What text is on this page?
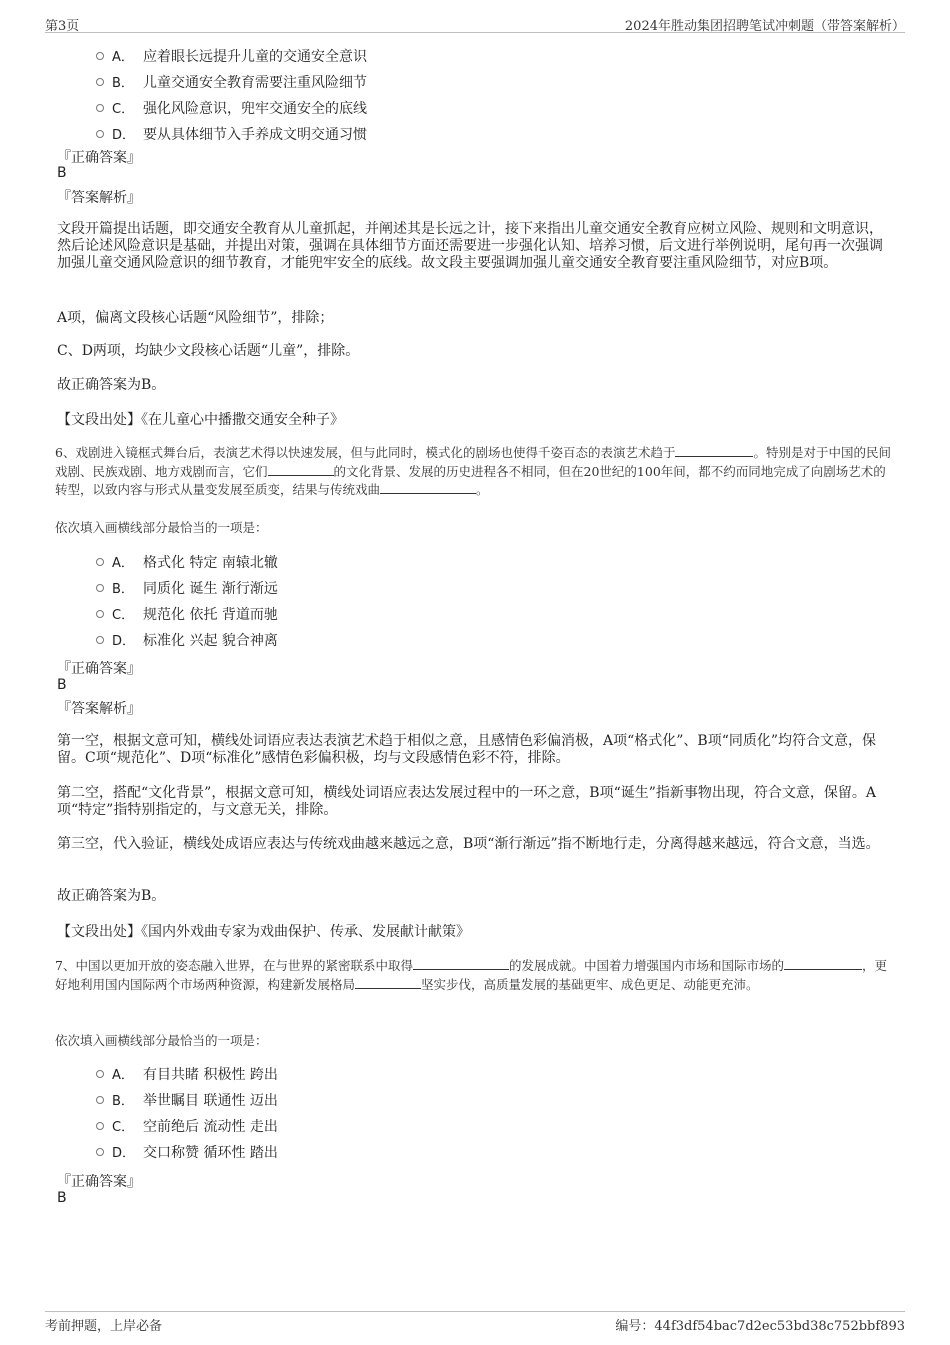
第3页	2024年胜动集团招聘笔试冲刺题（带答案解析）
A． 应着眼长远提升儿童的交通安全意识
B． 儿童交通安全教育需要注重风险细节
C． 强化风险意识，兜牢交通安全的底线
D． 要从具体细节入手养成文明交通习惯
『正确答案』
B
『答案解析』

文段开篇提出话题，即交通安全教育从儿童抓起，并阐述其是长远之计，接下来指出儿童交通安全教育应树立风险、规则和文明意识，然后论述风险意识是基础，并提出对策，强调在具体细节方面还需要进一步强化认知、培养习惯，后文进行举例说明，尾句再一次强调加强儿童交通风险意识的细节教育，才能兜牢安全的底线。故文段主要强调加强儿童交通安全教育要注重风险细节，对应B项。

A项，偏离文段核心话题“风险细节”，排除；

C、D两项，均缺少文段核心话题“儿童”，排除。

故正确答案为B。

【文段出处】《在儿童心中播撒交通安全种子》

6、戏剧进入镜框式舞台后，表演艺术得以快速发展，但与此同时，模式化的剧场也使得千姿百态的表演艺术趋于	。特别是对于中国的民间戏剧、民族戏剧、地方戏剧而言，它们	的文化背景、发展的历史进程各不相同，但在20世纪的100年间，都不约而同地完成了向剧场艺术的转型，以致内容与形式从量变发展至质变，结果与传统戏曲	。

依次填入画横线部分最恰当的一项是：
A． 格式化 特定 南辕北辙
B． 同质化 诞生 渐行渐远
C． 规范化 依托 背道而驰
D． 标准化 兴起 貌合神离
『正确答案』
B
『答案解析』

第一空，根据文意可知，横线处词语应表达表演艺术趋于相似之意，且感情色彩偏消极，A项“格式化”、B项“同质化”均符合文意，保留。C项“规范化”、D项“标准化”感情色彩偏积极，均与文段感情色彩不符，排除。

第二空，搭配“文化背景”，根据文意可知，横线处词语应表达发展过程中的一环之意，B项“诞生”指新事物出现，符合文意，保留。A项“特定”指特别指定的，与文意无关，排除。

第三空，代入验证，横线处成语应表达与传统戏曲越来越远之意，B项“渐行渐远”指不断地行走，分离得越来越远，符合文意，当选。

故正确答案为B。

【文段出处】《国内外戏曲专家为戏曲保护、传承、发展献计献策》

7、中国以更加开放的姿态融入世界，在与世界的紧密联系中取得	的发展成就。中国着力增强国内市场和国际市场的	，更好地利用国内国际两个市场两种资源，构建新发展格局	坚实步伐，高质量发展的基础更牢、成色更足、动能更充沛。

依次填入画横线部分最恰当的一项是：
A． 有目共睹 积极性 跨出
B． 举世瞩目 联通性 迈出
C． 空前绝后 流动性 走出
D． 交口称赞 循环性 踏出
『正确答案』
B
考前押题，上岸必备	编号：44f3df54bac7d2ec53bd38c752bbf893
